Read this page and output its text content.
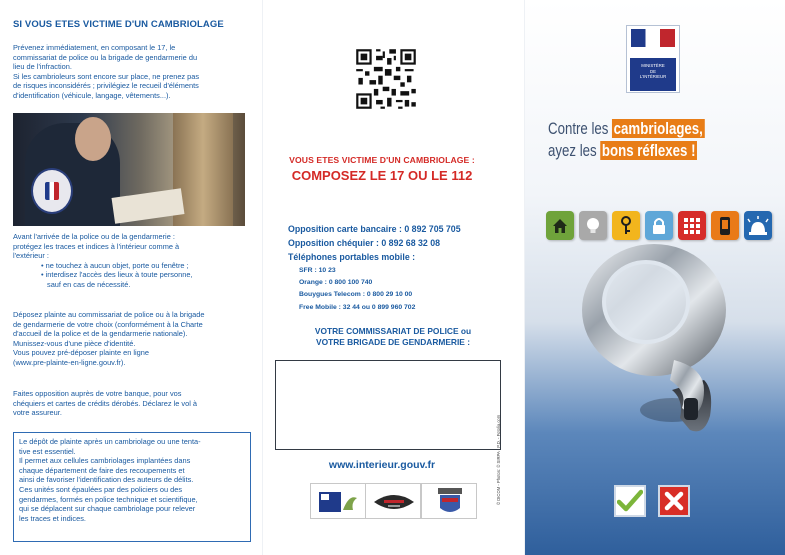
SI VOUS ETES VICTIME D'UN CAMBRIOLAGE
Prévenez immédiatement, en composant le 17, le
commissariat de police ou la brigade de gendarmerie du
lieu de l'infraction.
Si les cambrioleurs sont encore sur place, ne prenez pas
de risques inconsidérés ; privilégiez le recueil d'éléments
d'identification (véhicule, langage, vêtements...).
Avant l'arrivée de la police ou de la gendarmerie :
protégez les traces et indices à l'intérieur comme à
l'extérieur :
• ne touchez à aucun objet, porte ou fenêtre ;
• interdisez l'accès des lieux à toute personne,
sauf en cas de nécessité.
Déposez plainte au commissariat de police ou à la brigade
de gendarmerie de votre choix (conformément à la Charte
d'accueil de la police et de la gendarmerie nationale).
Munissez-vous d'une pièce d'identité.
Vous pouvez pré-déposer plainte en ligne
(www.pre-plainte-en-ligne.gouv.fr).
Faites opposition auprès de votre banque, pour vos
chéquiers et cartes de crédits dérobés. Déclarez le vol à
votre assureur.
Le dépôt de plainte après un cambriolage ou une tenta-
tive est essentiel.
Il permet aux cellules cambriolages implantées dans
chaque département de faire des recoupements et
ainsi de favoriser l'identification des auteurs de délits.
Ces unités sont épaulées par des policiers ou des
gendarmes, formés en police technique et scientifique,
qui se déplacent sur chaque cambriolage pour relever
les traces et indices.
VOUS ETES VICTIME D'UN CAMBRIOLAGE :
COMPOSEZ LE 17 OU LE 112
Opposition carte bancaire : 0 892 705 705
Opposition chéquier : 0 892 68 32 08
Téléphones portables mobile :
SFR : 10 23
Orange : 0 800 100 740
Bouygues Telecom : 0 800 29 10 00
Free Mobile : 32 44 ou 0 899 960 702
VOTRE COMMISSARIAT DE POLICE ou
VOTRE BRIGADE DE GENDARMERIE :
www.interieur.gouv.fr	© DICOM - Photos: © SIRPA - P.D. - Fotolia.com
MINISTÈRE
DE
L'INTÉRIEUR
Contre les cambriolages,
ayez les bons réflexes !
